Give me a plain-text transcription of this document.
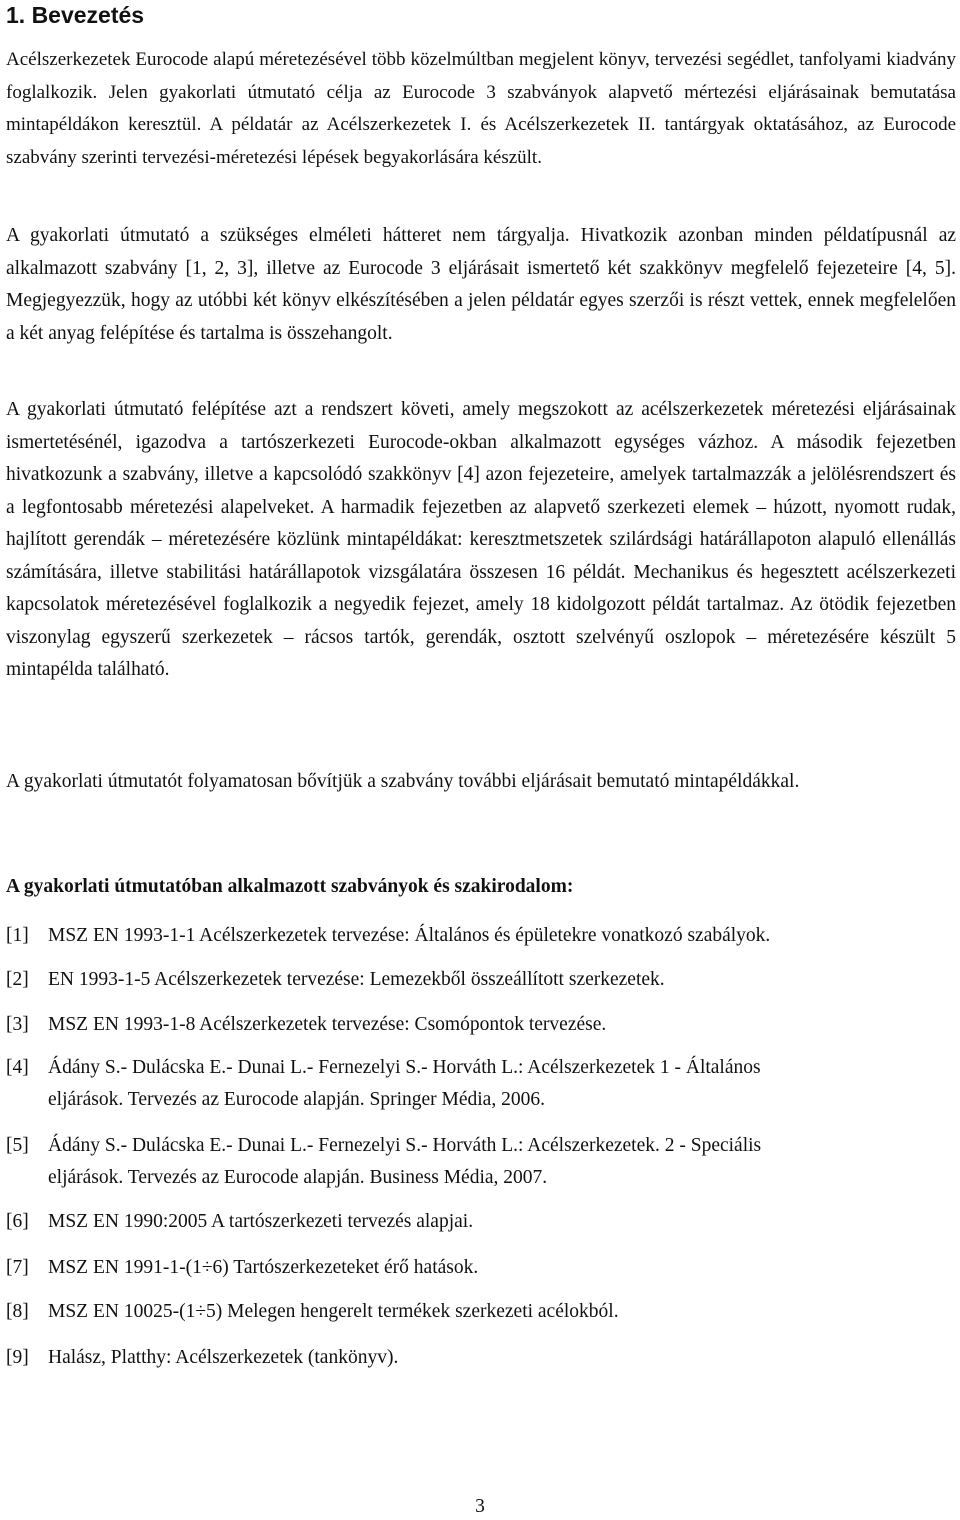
1. Bevezetés

Acélszerkezetek Eurocode alapú méretezésével több közelmúltban megjelent könyv, tervezési segédlet, tanfolyami kiadvány foglalkozik. Jelen gyakorlati útmutató célja az Eurocode 3 szabványok alapvető mértezési eljárásainak bemutatása mintapéldákon keresztül. A példatár az Acélszerkezetek I. és Acélszerkezetek II. tantárgyak oktatásához, az Eurocode szabvány szerinti tervezési-méretezési lépések begyakorlására készült.

A gyakorlati útmutató a szükséges elméleti hátteret nem tárgyalja. Hivatkozik azonban minden példatípusnál az alkalmazott szabvány [1, 2, 3], illetve az Eurocode 3 eljárásait ismertető két szakkönyv megfelelő fejezeteire [4, 5]. Megjegyezzük, hogy az utóbbi két könyv elkészítésében a jelen példatár egyes szerzői is részt vettek, ennek megfelelően a két anyag felépítése és tartalma is összehangolt.

A gyakorlati útmutató felépítése azt a rendszert követi, amely megszokott az acélszerkezetek méretezési eljárásainak ismertetésénél, igazodva a tartószerkezeti Eurocode-okban alkalmazott egységes vázhoz. A második fejezetben hivatkozunk a szabvány, illetve a kapcsolódó szakkönyv [4] azon fejezeteire, amelyek tartalmazzák a jelölésrendszert és a legfontosabb méretezési alapelveket. A harmadik fejezetben az alapvető szerkezeti elemek – húzott, nyomott rudak, hajlított gerendák – méretezésére közlünk mintapéldákat: keresztmetszetek szilárdsági határállapoton alapuló ellenállás számítására, illetve stabilitási határállapotok vizsgálatára összesen 16 példát. Mechanikus és hegesztett acélszerkezeti kapcsolatok méretezésével foglalkozik a negyedik fejezet, amely 18 kidolgozott példát tartalmaz. Az ötödik fejezetben viszonylag egyszerű szerkezetek – rácsos tartók, gerendák, osztott szelvényű oszlopok – méretezésére készült 5 mintapélda található.

A gyakorlati útmutatót folyamatosan bővítjük a szabvány további eljárásait bemutató mintapéldákkal.

A gyakorlati útmutatóban alkalmazott szabványok és szakirodalom:

[1] MSZ EN 1993-1-1 Acélszerkezetek tervezése: Általános és épületekre vonatkozó szabályok.
[2] EN 1993-1-5 Acélszerkezetek tervezése: Lemezekből összeállított szerkezetek.
[3] MSZ EN 1993-1-8 Acélszerkezetek tervezése: Csomópontok tervezése.
[4] Ádány S.- Dulácska E.- Dunai L.- Fernezelyi S.- Horváth L.: Acélszerkezetek 1 - Általános
eljárások. Tervezés az Eurocode alapján. Springer Média, 2006.
[5] Ádány S.- Dulácska E.- Dunai L.- Fernezelyi S.- Horváth L.: Acélszerkezetek. 2 - Speciális
eljárások. Tervezés az Eurocode alapján. Business Média, 2007.
[6] MSZ EN 1990:2005 A tartószerkezeti tervezés alapjai.
[7] MSZ EN 1991-1-(1÷6) Tartószerkezeteket érő hatások.
[8] MSZ EN 10025-(1÷5) Melegen hengerelt termékek szerkezeti acélokból.
[9] Halász, Platthy: Acélszerkezetek (tankönyv).
3
